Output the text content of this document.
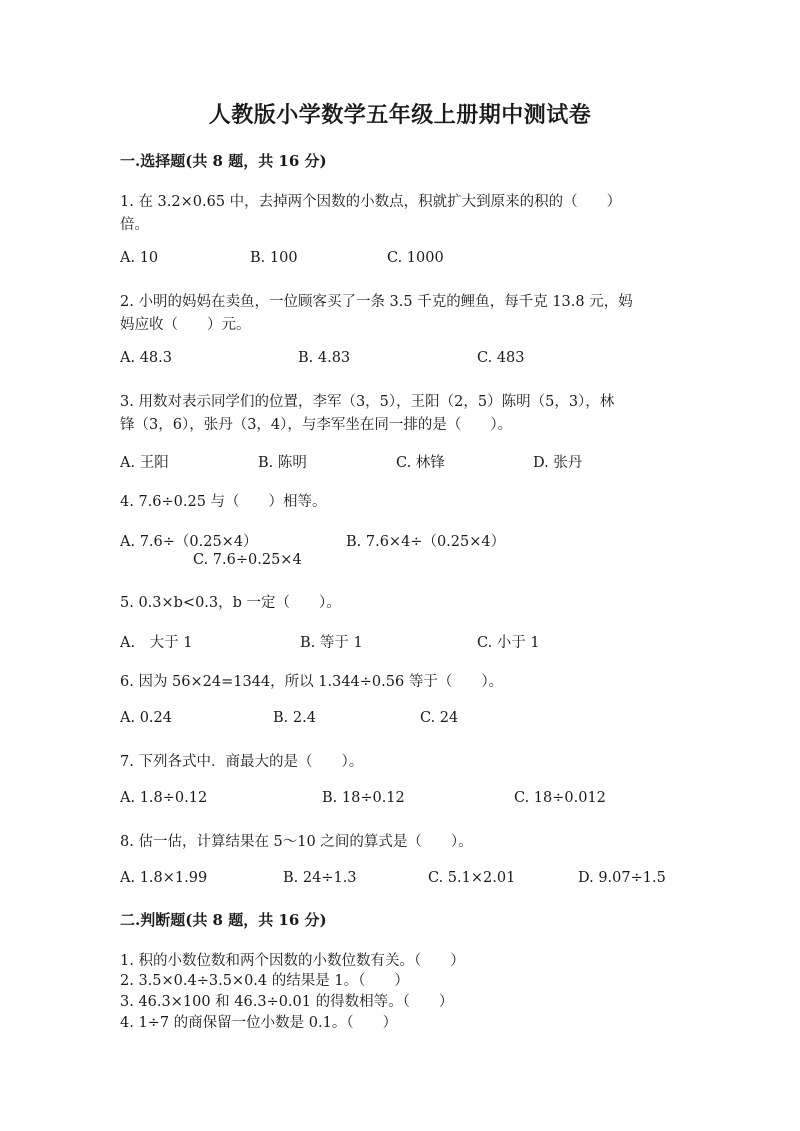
人教版小学数学五年级上册期中测试卷
一.选择题(共 8 题，共 16 分)
1. 在 3.2×0.65 中，去掉两个因数的小数点，积就扩大到原来的积的（　　）
倍。
A. 10	B. 100	C. 1000
2. 小明的妈妈在卖鱼，一位顾客买了一条 3.5 千克的鲤鱼，每千克 13.8 元，妈
妈应收（　　）元。
A. 48.3	B. 4.83	C. 483
3. 用数对表示同学们的位置，李军（3，5），王阳（2，5）陈明（5，3），林
锋（3，6），张丹（3，4），与李军坐在同一排的是（　　）。
A. 王阳	B. 陈明	C. 林锋	D. 张丹
4. 7.6÷0.25 与（　　）相等。
A. 7.6÷（0.25×4）	B. 7.6×4÷（0.25×4）
C. 7.6÷0.25×4
5. 0.3×b<0.3，b 一定（　　）。
A.　大于 1	B. 等于 1	C. 小于 1
6. 因为 56×24=1344，所以 1.344÷0.56 等于（　　）。
A. 0.24	B. 2.4	C. 24
7. 下列各式中．商最大的是（　　）。
A. 1.8÷0.12	B. 18÷0.12	C. 18÷0.012
8. 估一估，计算结果在 5～10 之间的算式是（　　）。
A. 1.8×1.99	B. 24÷1.3	C. 5.1×2.01	D. 9.07÷1.5
二.判断题(共 8 题，共 16 分)
1. 积的小数位数和两个因数的小数位数有关。（　　）
2. 3.5×0.4÷3.5×0.4 的结果是 1。（　　）
3. 46.3×100 和 46.3÷0.01 的得数相等。（　　）
4. 1÷7 的商保留一位小数是 0.1。（　　）
